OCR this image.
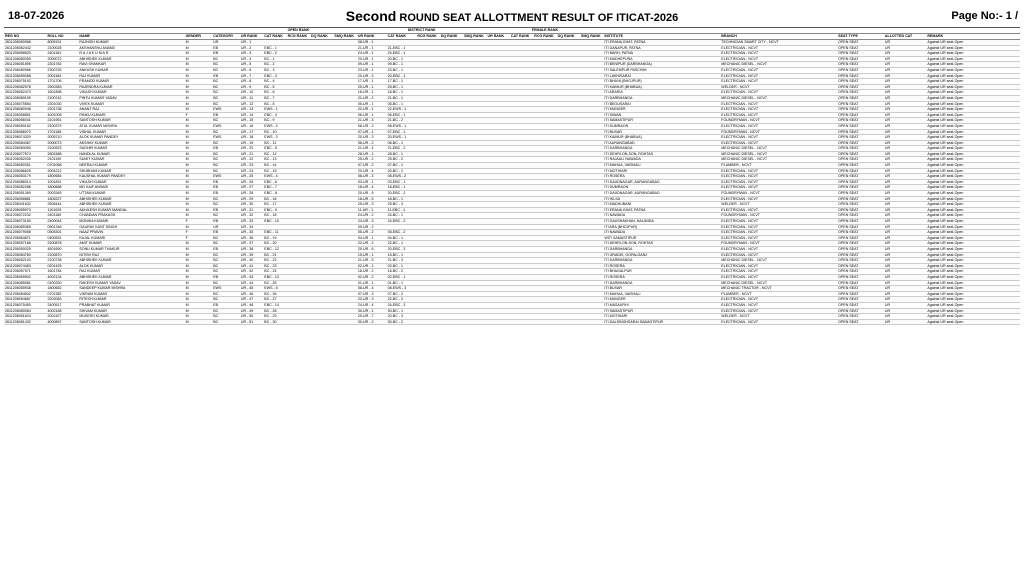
18-07-2026	Second ROUND SEAT ALLOTTMENT RESULT OF ITICAT-2026	Page No:- 1 /
					OPEN RANK					DISTRICT RANK					FEMALE RANK									
REG NO	ROLL NO	NAME	GENDER	CATEGORY	UR RANK	CAT RANK	RCG RANK	DQ RANK	SMQ RANK	UR RANK	CAT RANK	RCG RANK	DQ RANK	SMQ RANK	UR RANK	CAT RANK	RCG RANK	DQ RANK	SMQ RANK	INSTITUTE	BRANCH	SEAT TYPE	ALLOTTED CAT	REMARK
2611206050068	8005151	RAJNISH KUMAR	M	UR	UR - 1					08-UR - 1										ITI ERANA GHAT, PATNA	TECHNICIAN SMART CITY - NCVT	OPEN SEAT	UR	Against UR seat-Open
2611206062442	2100028	AKSHANSHU ANAND	M	EB	UR - 2	EBC - 1				21-UR - 1	21-EBC - 1									ITI DANAPUR, PATNA	ELECTRICIAN - NCVT	OPEN SEAT	UR	Against UR seat-Open
2611206058520	2401181	R A J A K U M A R	M	EB	UR - 3	EBC - 2				24-UR - 1	24-EBC - 1									ITI BARH, PATNA	ELECTRICIAN - NCVT	OPEN SEAT	UR	Against UR seat-Open
2611206080055	2000072	ABHISHEK KUMAR	M	BC	UR - 4	BC - 1				20-UR - 1	20-BC - 1									ITI MADHEPURA	ELECTRICIAN - NCVT	OPEN SEAT	UR	Against UR seat-Open
2611206051895	2301782	RAVI SHANKAR	M	BC	UR - 5	BC - 2				09-UR - 1	09-BC - 1									ITI BENIPUR (DARBHANGA)	MECHANIC DIESEL - NCVT	OPEN SEAT	UR	Against UR seat-Open
2611206080966	2300793	ANKUSH KUMAR	M	BC	UR - 6	BC - 3				23-UR - 1	23-BC - 1									ITI SALEMPUR PASCHIM	ELECTRICIAN - NCVT	OPEN SEAT	UR	Against UR seat-Open
2611206059088	2001184	RAJ KUMAR	M	EB	UR - 7	EBC - 3				20-UR - 2	20-EBC - 1									ITI LAKHISARAI	ELECTRICIAN - NCVT	OPEN SEAT	UR	Against UR seat-Open
2611206075192	1701706	PRAMOD KUMAR	M	BC	UR - 8	BC - 4				17-UR - 1	17-BC - 1									ITI BHAYA (BHOJPUR)	ELECTRICIAN - NCVT	OPEN SEAT	UR	Against UR seat-Open
2611206082978	2500383	RAJENDRA KUMAR	M	BC	UR - 9	BC - 5				25-UR - 1	25-BC - 1									ITI KAIMUR (BHABUA)	WELDER - NCVT	OPEN SEAT	UR	Against UR seat-Open
2611206052473	1601898	VIKASH KUMAR	M	BC	UR - 10	BC - 6				16-UR - 1	16-BC - 1									ITI ARARIA	ELECTRICIAN - NCVT	OPEN SEAT	UR	Against UR seat-Open
2611206080199	2100742	PINTU KUMAR YADAV	M	BC	UR - 11	BC - 7				21-UR - 2	21-BC - 1									ITI DARBHANGA	MECHANIC DIESEL - NCVT	OPEN SEAT	UR	Against UR seat-Open
2611206075584	2301030	VIVEK KUMAR	M	BC	UR - 12	BC - 8				05-UR - 1	05-BC - 1									ITI BEGUSARAI	ELECTRICIAN - NCVT	OPEN SEAT	UR	Against UR seat-Open
2611206080948	2201738	ANANT RAJ	M	EWS	UR - 13	EWS - 1				22-UR - 1	22-EWS - 1									ITI MUNGER	ELECTRICIAN - NCVT	OPEN SEAT	UR	Against UR seat-Open
2611206058851	4001008	RINKU KUMARI	F	EB	UR - 14	EBC - 4				06-UR - 1	06-EBC - 1									ITI SIWAN	ELECTRICIAN - NCVT	OPEN SEAT	UR	Against UR seat-Open
2611206056041	2101951	SANTOSH KUMAR	M	BC	UR - 15	BC - 9				21-UR - 3	21-BC - 2									ITI SAMASTIPUR	FOUNDRYMAN - NCVT	OPEN SEAT	UR	Against UR seat-Open
2611206050182	2100379	ATUL KUMAR MISHRA	M	EWS	UR - 16	EWS - 2				08-UR - 2	08-EWS - 1									ITI DUMRAON	ELECTRICIAN - NCVT	OPEN SEAT	UR	Against UR seat-Open
2611206086072	1701188	VISHAL KUMAR	M	BC	UR - 17	BC - 10				07-UR - 1	07-EBC - 1									ITI BUXAR	FOUNDRYMAN - NCVT	OPEN SEAT	UR	Against UR seat-Open
2611206074320	2005710	ALOK KUMAR PANDEY	M	EWS	UR - 18	EWS - 3				20-UR - 3	20-EWS - 1									ITI KAIMUR (BHABUA)	ELECTRICIAN - NCVT	OPEN SEAT	UR	Against UR seat-Open
2611206084367	2000073	AKSHAY KUMAR	M	BC	UR - 19	BC - 11				06-UR - 2	06-BC - 1									ITI AURANGABAD	ELECTRICIAN - NCVT	OPEN SEAT	UR	Against UR seat-Open
2611206083050	2100523	SUDHIR KUMAR	M	EB	UR - 20	EBC - 5				21-UR - 4	21-EBC - 2									ITI DARBHANGA	MECHANIC DIESEL - NCVT	OPEN SEAT	UR	Against UR seat-Open
2611206077574	2801588	NANDLAL KUMAR	M	BC	UR - 21	BC - 12				28-UR - 1	28-BC - 1									ITI DEHRI-ON-SON, ROHTAS	MECHANIC DIESEL - NCVT	OPEN SEAT	UR	Against UR seat-Open
2611206052035	2101190	SUMIT KUMAR	M	BC	UR - 22	BC - 13				25-UR - 2	25-BC - 2									ITI RAJAULI NAWADA	MECHANIC DIESEL - NCVT	OPEN SEAT	UR	Against UR seat-Open
2611206050351	0701068	NEERAJ KUMAR	M	BC	UR - 23	BC - 14				07-UR - 2	07-BC - 1									ITI MAHUA, VAISHALI	PLUMBER - NCVT	OPEN SEAT	UR	Against UR seat-Open
2611206086625	2004212	SHUBHAM KUMAR	M	BC	UR - 24	BC - 15				20-UR - 4	20-BC - 2									ITI MOTIHARI	ELECTRICIAN - NCVT	OPEN SEAT	UR	Against UR seat-Open
2611206053179	1800684	KAUSHAL KUMAR PANDEY	M	EWS	UR - 25	EWS - 4				08-UR - 3	08-EWS - 2									ITI ROSERA	ELECTRICIAN - NCVT	OPEN SEAT	UR	Against UR seat-Open
2611206086014	1001891	VIKASH KUMAR	M	EB	UR - 26	EBC - 6				03-UR - 1	03-EBC - 1									ITI DAUDNAGAR, AURANGABAD	ELECTRICIAN - NCVT	OPEN SEAT	UR	Against UR seat-Open
2611206052288	1800688	MD KAIF ANSARI	M	EB	UR - 27	EBC - 7				18-UR - 4	18-EBC - 1									ITI DUMRAON	ELECTRICIAN - NCVT	OPEN SEAT	UR	Against UR seat-Open
2611206051369	2003345	UTTAM KUMAR	M	EB	UR - 28	EBC - 8				20-UR - 5	20-EBC - 2									ITI DAUDNAGAR, AURANGABAD	FOUNDRYMAN - NCVT	OPEN SEAT	UR	Against UR seat-Open
2611206058881	1805227	ABHISHEK KUMAR	M	BC	UR - 29	BC - 16				18-UR - 5	18-BC - 1									ITI HILSA	ELECTRICIAN - NCVT	OPEN SEAT	UR	Against UR seat-Open
2611206041632	2505444	ABHISHEK KUMAR	M	BC	UR - 30	BC - 17				25-UR - 3	25-BC - 3									ITI MADHUBANI	WELDER - NCVT	OPEN SEAT	UR	Against UR seat-Open
2611206055973	1101029	AKHILESH KUMAR MANDAL	M	EB	UR - 31	EBC - 9				11-UR - 1	11-EBC - 1									ITI ERANA GHAT, PATNA	ELECTRICIAN - NCVT	OPEN SEAT	UR	Against UR seat-Open
2611206072232	2401180	CHANDAN PRAKASH	M	BC	UR - 32	BC - 18				24-UR - 2	24-BC - 1									ITI NAWADA	FOUNDRYMAN - NCVT	OPEN SEAT	UR	Against UR seat-Open
2611206073150	2400044	MONIKA KUMARI	F	EB	UR - 33	EBC - 10				24-UR - 3	24-EBC - 2									ITI GAUSHAKHAN, NALANDA	ELECTRICIAN - NCVT	OPEN SEAT	UR	Against UR seat-Open
2611206085389	0901346	GAURAV KANT SINGH	M	UR	UR - 34					09-UR - 2										ITI ARA (BHOJPUR)	ELECTRICIAN - NCVT	OPEN SEAT	UR	Against UR seat-Open
2611206079058	0505301	NAAZ PRAVIN	F	EB	UR - 35	EBC - 11				05-UR - 2	05-EBC - 2									ITI NAWADA	ELECTRICIAN - NCVT	OPEN SEAT	UR	Against UR seat-Open
2611206084871	0400531	KAJAL KUMARI	F	BC	UR - 36	BC - 19				04-UR - 1	04-BC - 1									WITI SAMASTIPUR	ELECTRICIAN - NCVT	OPEN SEAT	UR	Against UR seat-Open
2611206057166	2200878	AMIT KUMAR	M	BC	UR - 37	BC - 20				22-UR - 2	22-BC - 1									ITI DEHRI-ON-SON, ROHTAS	FOUNDRYMAN - NCVT	OPEN SEAT	UR	Against UR seat-Open
2611206050025	4501690	SONU KUMAR THAKUR	M	EB	UR - 38	EBC - 12				20-UR - 6	20-EBC - 3									ITI DARBHANGA	ELECTRICIAN - NCVT	OPEN SEAT	UR	Against UR seat-Open
2611206084760	2100870	NITISH RAJ	M	BC	UR - 39	BC - 21				15-UR - 1	15-BC - 1									ITI JIRADEI, GOPALGANJ	ELECTRICIAN - NCVT	OPEN SEAT	UR	Against UR seat-Open
2611206052103	2100738	ABHISHEK KUMAR	M	BC	UR - 40	BC - 22				21-UR - 5	21-BC - 3									ITI DARBHANGA	MECHANIC DIESEL - NCVT	OPEN SEAT	UR	Against UR seat-Open
2611206074463	0201425	ALOK KUMAR	M	BC	UR - 41	BC - 23				02-UR - 1	02-BC - 1									ITI ROSERA	ELECTRICIAN - NCVT	OPEN SEAT	UR	Against UR seat-Open
2611206057571	1601784	RAJ KUMAR	M	BC	UR - 42	BC - 24				16-UR - 2	16-BC - 2									ITI BHAGALPUR	ELECTRICIAN - NCVT	OPEN SEAT	UR	Against UR seat-Open
2611206059902	4002134	ABHISHEK KUMAR	M	EB	UR - 43	EBC - 13				02-UR - 2	02-EBC - 1									ITI ROSERA	ELECTRICIAN - NCVT	OPEN SEAT	UR	Against UR seat-Open
2611206085081	0100330	RAKESH KUMAR YADAV	M	BC	UR - 44	BC - 25				01-UR - 1	01-BC - 1									ITI DARBHANGA	MECHANIC DIESEL - NCVT	OPEN SEAT	UR	Against UR seat-Open
2611206055938	1800652	SANDEEP KUMAR MISHRA	M	EWS	UR - 45	EWS - 5				08-UR - 4	08-EWS - 3									ITI BUXAR	MECHANIC TRACTOR - NCVT	OPEN SEAT	UR	Against UR seat-Open
2611206084602	0701382	VIKRAM KUMAR	M	BC	UR - 46	BC - 26				07-UR - 3	07-BC - 2									ITI MAHUA, VAISHALI	PLUMBER - NCVT	OPEN SEAT	UR	Against UR seat-Open
2611206054667	2202083	RITESH KUMAR	M	BC	UR - 47	BC - 27				22-UR - 3	22-BC - 2									ITI MUNGER	ELECTRICIAN - NCVT	OPEN SEAT	UR	Against UR seat-Open
2611206075450	2400517	PRABHAT KUMAR	M	EB	UR - 48	EBC - 14				24-UR - 4	24-EBC - 3									ITI MASAURHI	ELECTRICIAN - NCVT	OPEN SEAT	UR	Against UR seat-Open
2611206080064	4002168	SHIVAM KUMAR	M	BC	UR - 49	BC - 28				30-UR - 1	30-BC - 1									ITI SAMASTIPUR	ELECTRICIAN - NCVT	OPEN SEAT	UR	Against UR seat-Open
2611206051624	2001107	MUKESH KUMAR	M	BC	UR - 50	BC - 29				20-UR - 7	20-BC - 3									ITI MOTIHARI	WELDER - NCVT	OPEN SEAT	UR	Against UR seat-Open
2611206051432	4000897	SANTOSH KUMAR	M	BC	UR - 51	BC - 30				30-UR - 2	30-BC - 2									ITI DALSINGHSARAI SAMASTIPUR	ELECTRICIAN - NCVT	OPEN SEAT	UR	Against UR seat-Open
